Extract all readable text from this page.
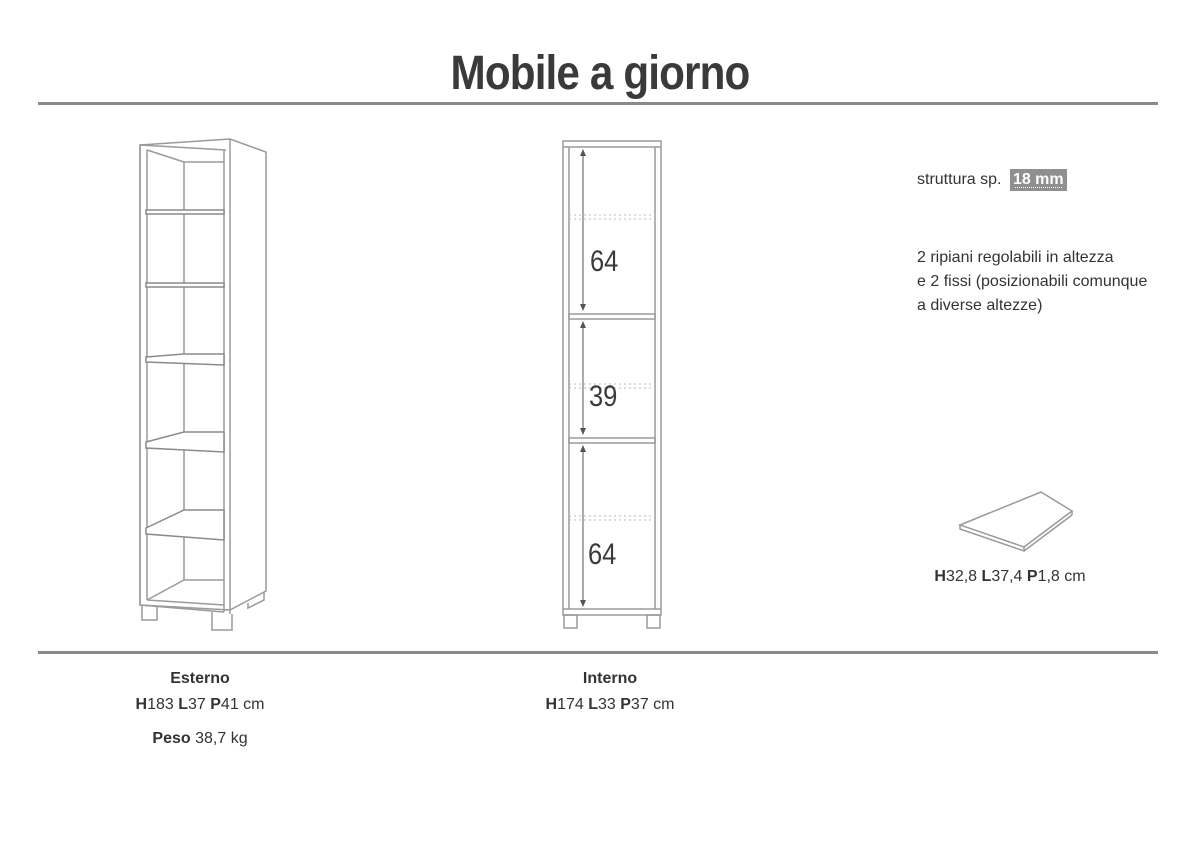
Mobile a giorno
64
39
64
struttura sp. 18 mm
2 ripiani regolabili in altezza
e 2 fissi (posizionabili comunque
a diverse altezze)
H32,8 L37,4 P1,8 cm
Esterno
H183 L37 P41 cm
Peso 38,7 kg
Interno
H174 L33 P37 cm
